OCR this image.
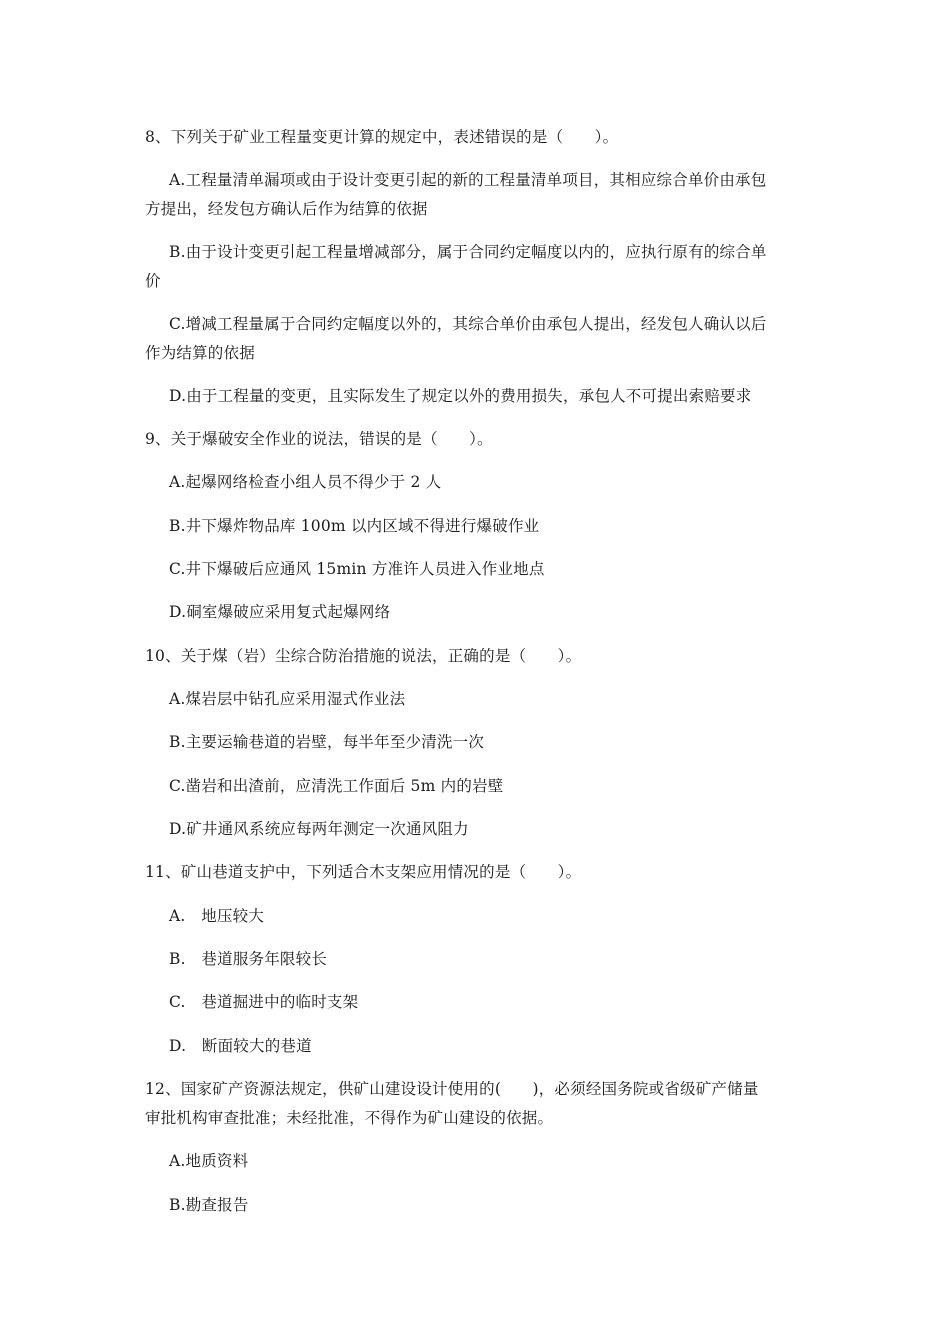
8、下列关于矿业工程量变更计算的规定中，表述错误的是（　　）。
A.工程量清单漏项或由于设计变更引起的新的工程量清单项目，其相应综合单价由承包
方提出，经发包方确认后作为结算的依据
B.由于设计变更引起工程量增减部分，属于合同约定幅度以内的，应执行原有的综合单
价
C.增减工程量属于合同约定幅度以外的，其综合单价由承包人提出，经发包人确认以后
作为结算的依据
D.由于工程量的变更，且实际发生了规定以外的费用损失，承包人不可提出索赔要求
9、关于爆破安全作业的说法，错误的是（　　）。
A.起爆网络检查小组人员不得少于 2 人
B.井下爆炸物品库 100m 以内区域不得进行爆破作业
C.井下爆破后应通风 15min 方准许人员进入作业地点
D.硐室爆破应采用复式起爆网络
10、关于煤（岩）尘综合防治措施的说法，正确的是（　　）。
A.煤岩层中钻孔应采用湿式作业法
B.主要运输巷道的岩壁，每半年至少清洗一次
C.凿岩和出渣前，应清洗工作面后 5m 内的岩壁
D.矿井通风系统应每两年测定一次通风阻力
11、矿山巷道支护中，下列适合木支架应用情况的是（　　）。
A.　地压较大
B.　巷道服务年限较长
C.　巷道掘进中的临时支架
D.　断面较大的巷道
12、国家矿产资源法规定，供矿山建设设计使用的(　　)，必须经国务院或省级矿产储量
审批机构审查批准；未经批准，不得作为矿山建设的依据。
A.地质资料
B.勘查报告
